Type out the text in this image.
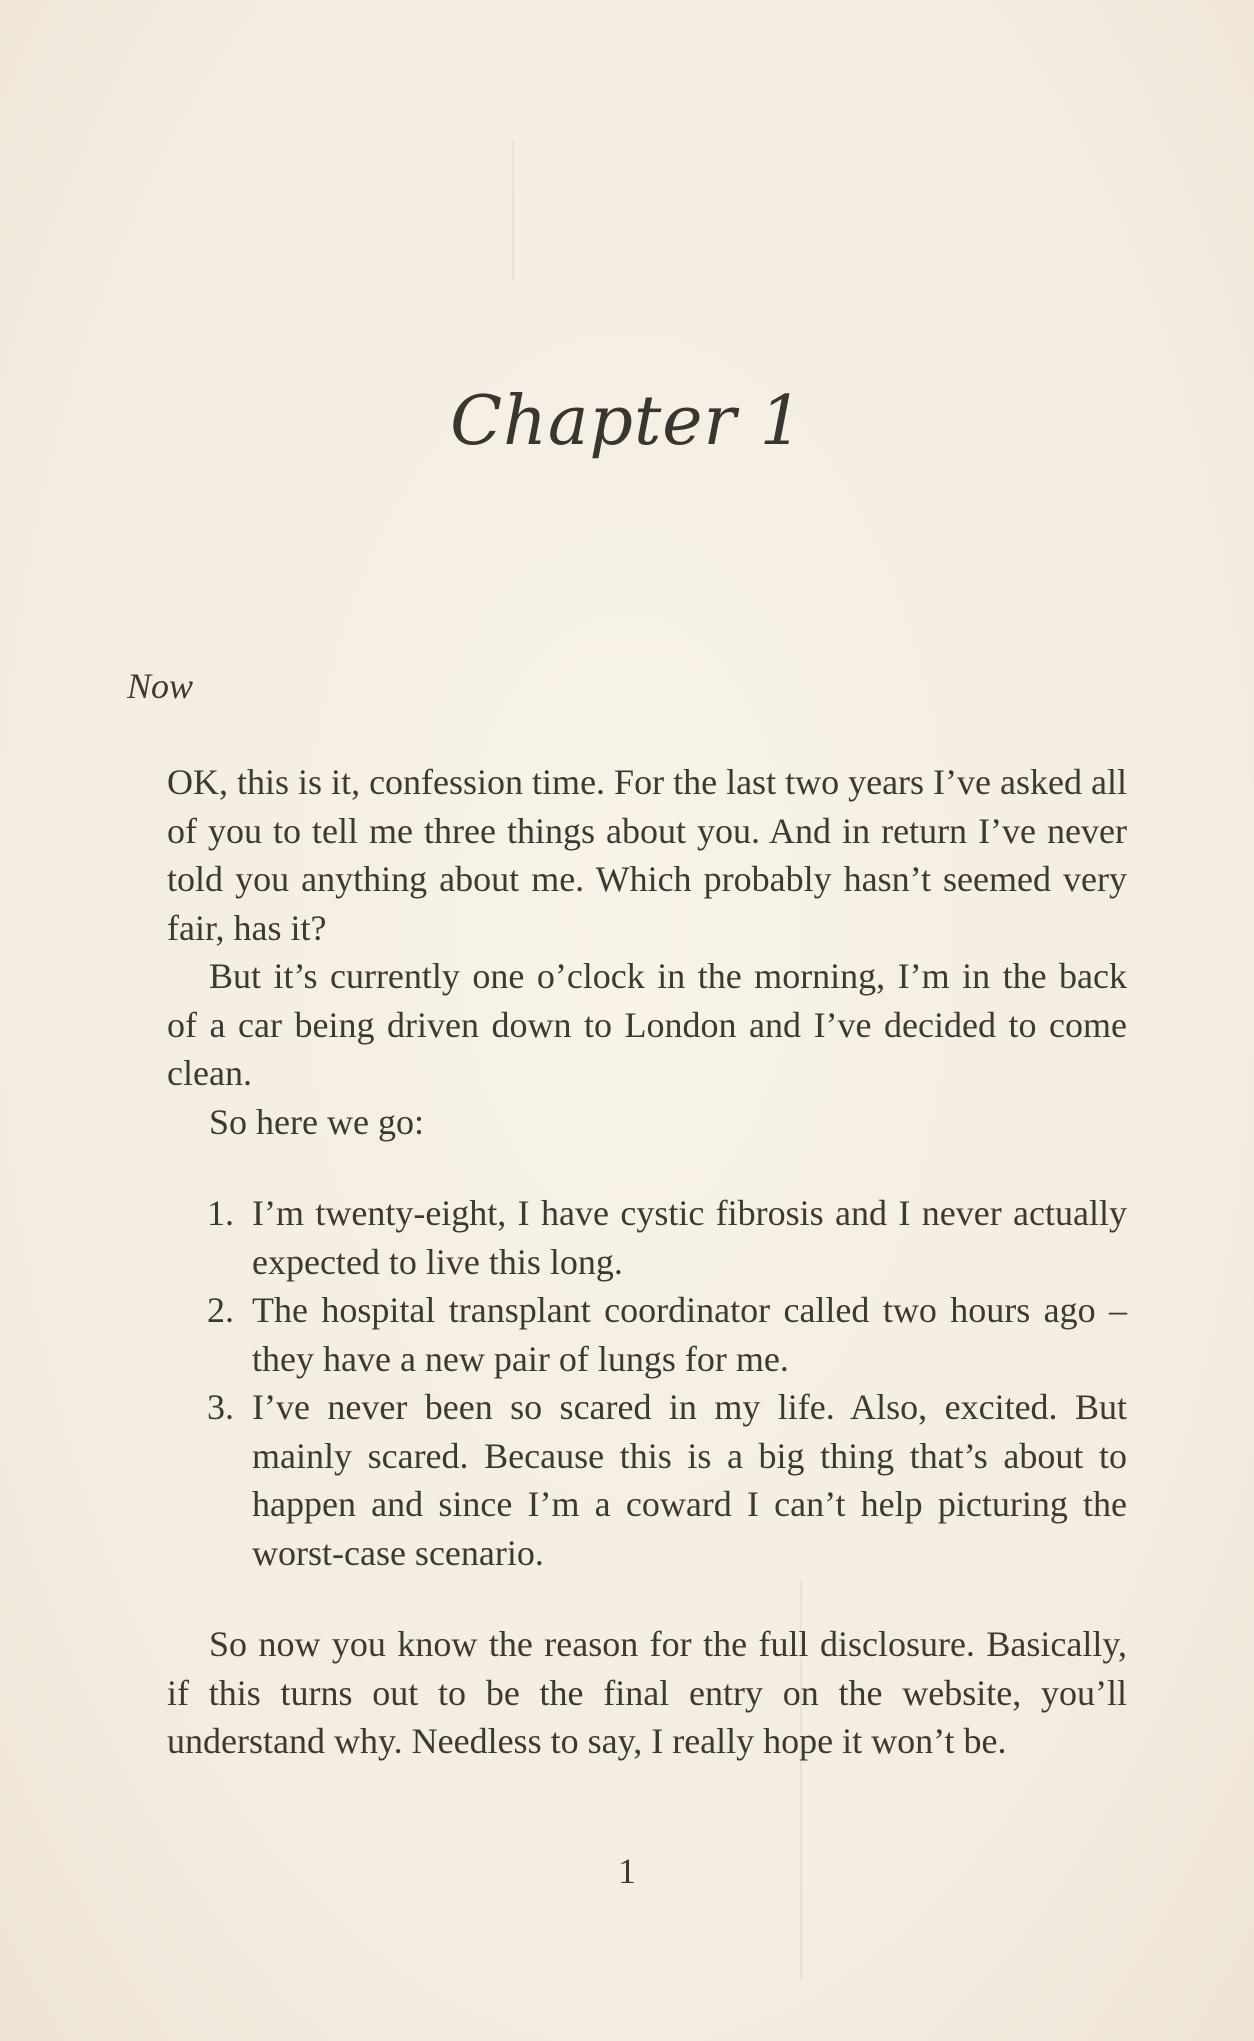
Chapter 1
Now

OK, this is it, confession time. For the last two years I’ve asked all of you to tell me three things about you. And in return I’ve never told you anything about me. Which probably hasn’t seemed very fair, has it?

But it’s currently one o’clock in the morning, I’m in the back of a car being driven down to London and I’ve decided to come clean.

So here we go:

1. I’m twenty-eight, I have cystic fibrosis and I never actually expected to live this long.
2. The hospital transplant coordinator called two hours ago – they have a new pair of lungs for me.
3. I’ve never been so scared in my life. Also, excited. But mainly scared. Because this is a big thing that’s about to happen and since I’m a coward I can’t help picturing the worst-case scenario.

So now you know the reason for the full disclosure. Basically, if this turns out to be the final entry on the website, you’ll understand why. Needless to say, I really hope it won’t be.

1
